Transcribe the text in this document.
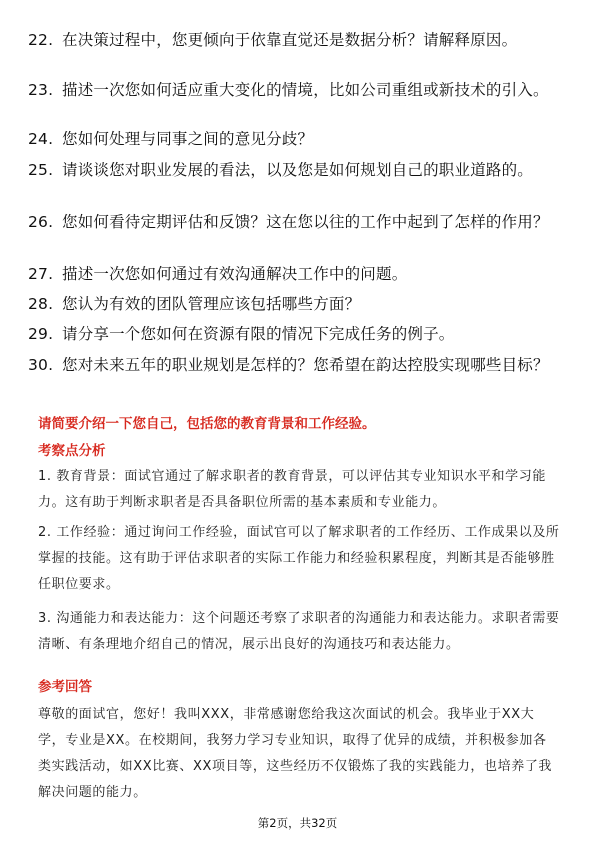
22. 在决策过程中，您更倾向于依靠直觉还是数据分析？请解释原因。
23. 描述一次您如何适应重大变化的情境，比如公司重组或新技术的引入。
24. 您如何处理与同事之间的意见分歧？
25. 请谈谈您对职业发展的看法，以及您是如何规划自己的职业道路的。
26. 您如何看待定期评估和反馈？这在您以往的工作中起到了怎样的作用？
27. 描述一次您如何通过有效沟通解决工作中的问题。
28. 您认为有效的团队管理应该包括哪些方面？
29. 请分享一个您如何在资源有限的情况下完成任务的例子。
30. 您对未来五年的职业规划是怎样的？您希望在韵达控股实现哪些目标？
请简要介绍一下您自己，包括您的教育背景和工作经验。
考察点分析
1. 教育背景：面试官通过了解求职者的教育背景，可以评估其专业知识水平和学习能力。这有助于判断求职者是否具备职位所需的基本素质和专业能力。
2. 工作经验：通过询问工作经验，面试官可以了解求职者的工作经历、工作成果以及所掌握的技能。这有助于评估求职者的实际工作能力和经验积累程度，判断其是否能够胜任职位要求。
3. 沟通能力和表达能力：这个问题还考察了求职者的沟通能力和表达能力。求职者需要清晰、有条理地介绍自己的情况，展示出良好的沟通技巧和表达能力。
参考回答
尊敬的面试官，您好！我叫XXX，非常感谢您给我这次面试的机会。我毕业于XX大学，专业是XX。在校期间，我努力学习专业知识，取得了优异的成绩，并积极参加各类实践活动，如XX比赛、XX项目等，这些经历不仅锻炼了我的实践能力，也培养了我解决问题的能力。
第2页，共32页
